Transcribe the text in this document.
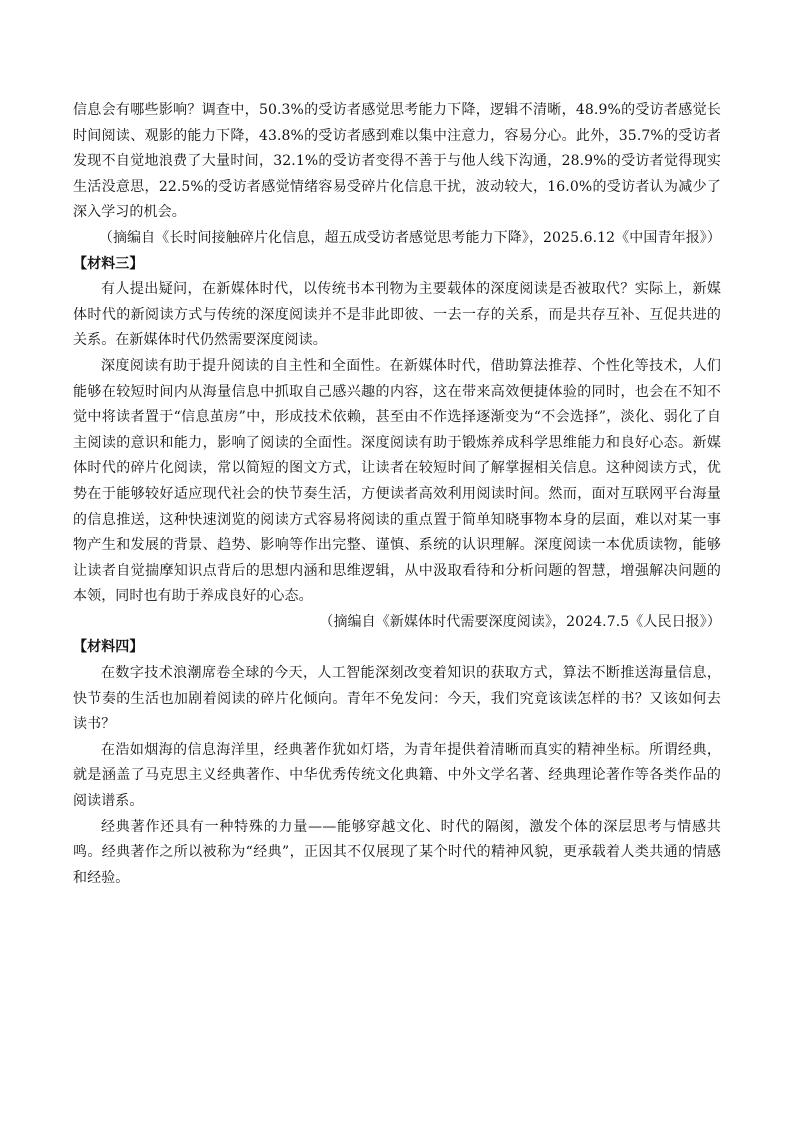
信息会有哪些影响？调查中，50.3%的受访者感觉思考能力下降，逻辑不清晰，48.9%的受访者感觉长时间阅读、观影的能力下降，43.8%的受访者感到难以集中注意力，容易分心。此外，35.7%的受访者发现不自觉地浪费了大量时间，32.1%的受访者变得不善于与他人线下沟通，28.9%的受访者觉得现实生活没意思，22.5%的受访者感觉情绪容易受碎片化信息干扰，波动较大，16.0%的受访者认为减少了深入学习的机会。

（摘编自《长时间接触碎片化信息，超五成受访者感觉思考能力下降》，2025.6.12《中国青年报》）

【材料三】

有人提出疑问，在新媒体时代，以传统书本刊物为主要载体的深度阅读是否被取代？实际上，新媒体时代的新阅读方式与传统的深度阅读并不是非此即彼、一去一存的关系，而是共存互补、互促共进的关系。在新媒体时代仍然需要深度阅读。

深度阅读有助于提升阅读的自主性和全面性。在新媒体时代，借助算法推荐、个性化等技术，人们能够在较短时间内从海量信息中抓取自己感兴趣的内容，这在带来高效便捷体验的同时，也会在不知不觉中将读者置于“信息茧房”中，形成技术依赖，甚至由不作选择逐渐变为“不会选择”，淡化、弱化了自主阅读的意识和能力，影响了阅读的全面性。深度阅读有助于锻炼养成科学思维能力和良好心态。新媒体时代的碎片化阅读，常以简短的图文方式，让读者在较短时间了解掌握相关信息。这种阅读方式，优势在于能够较好适应现代社会的快节奏生活，方便读者高效利用阅读时间。然而，面对互联网平台海量的信息推送，这种快速浏览的阅读方式容易将阅读的重点置于简单知晓事物本身的层面，难以对某一事物产生和发展的背景、趋势、影响等作出完整、谨慎、系统的认识理解。深度阅读一本优质读物，能够让读者自觉揣摩知识点背后的思想内涵和思维逻辑，从中汲取看待和分析问题的智慧，增强解决问题的本领，同时也有助于养成良好的心态。

（摘编自《新媒体时代需要深度阅读》，2024.7.5《人民日报》）

【材料四】

在数字技术浪潮席卷全球的今天，人工智能深刻改变着知识的获取方式，算法不断推送海量信息，快节奏的生活也加剧着阅读的碎片化倾向。青年不免发问：今天，我们究竟该读怎样的书？又该如何去读书？

在浩如烟海的信息海洋里，经典著作犹如灯塔，为青年提供着清晰而真实的精神坐标。所谓经典，就是涵盖了马克思主义经典著作、中华优秀传统文化典籍、中外文学名著、经典理论著作等各类作品的阅读谱系。

经典著作还具有一种特殊的力量——能够穿越文化、时代的隔阂，激发个体的深层思考与情感共鸣。经典著作之所以被称为“经典”，正因其不仅展现了某个时代的精神风貌，更承载着人类共通的情感和经验。
